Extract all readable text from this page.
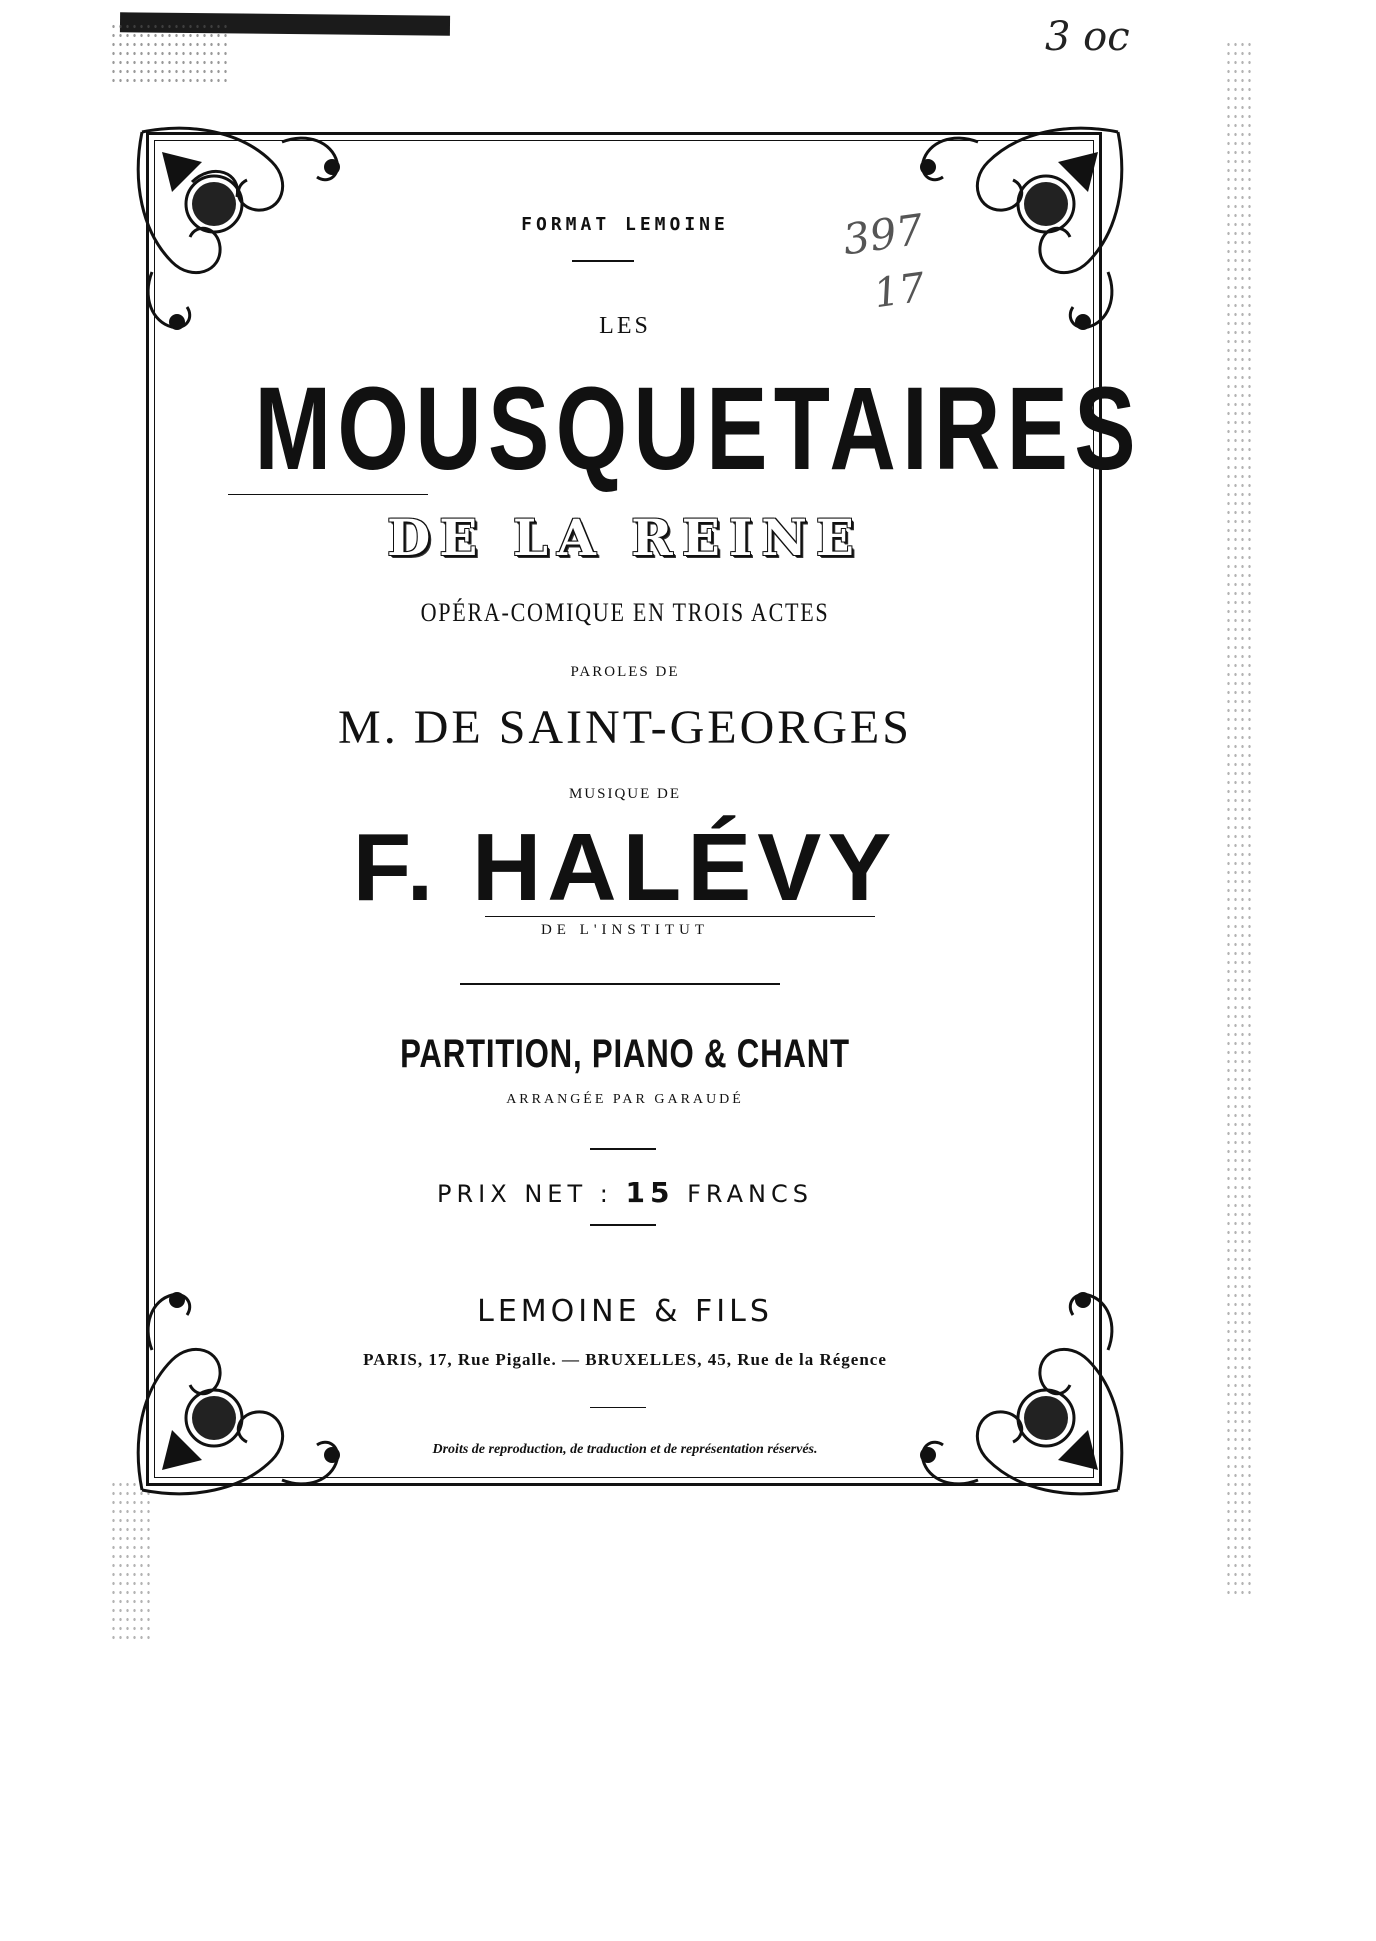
3 oc
397
17
FORMAT LEMOINE
LES
MOUSQUETAIRES
DE LA REINE
OPÉRA-COMIQUE EN TROIS ACTES
PAROLES DE
M. DE SAINT-GEORGES
MUSIQUE DE
F. HALÉVY
DE L'INSTITUT
PARTITION, PIANO & CHANT
ARRANGÉE PAR GARAUDÉ
PRIX NET : 15 FRANCS
LEMOINE & FILS
PARIS, 17, Rue Pigalle. — BRUXELLES, 45, Rue de la Régence
Droits de reproduction, de traduction et de représentation réservés.
